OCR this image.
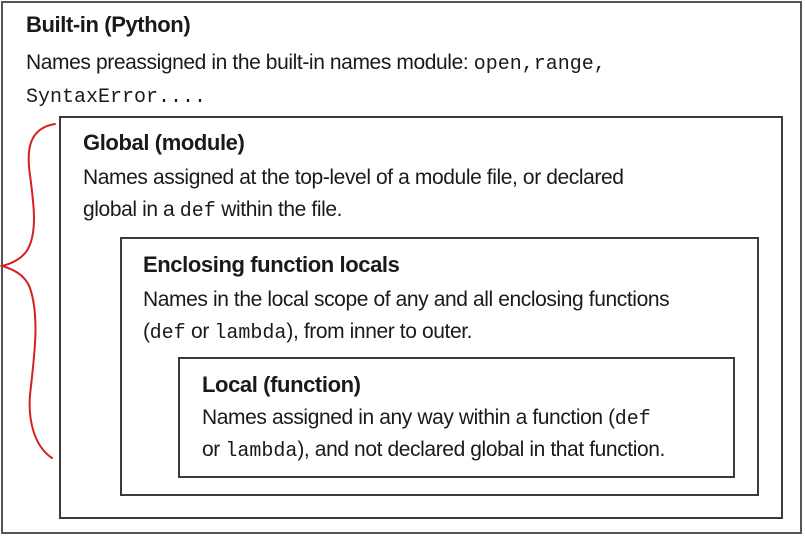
Built-in (Python)
Names preassigned in the built-in names module: open,range,
SyntaxError....
Global (module)
Names assigned at the top-level of a module file, or declared
global in a def within the file.
Enclosing function locals
Names in the local scope of any and all enclosing functions
(def or lambda), from inner to outer.
Local (function)
Names assigned in any way within a function (def
or lambda), and not declared global in that function.
